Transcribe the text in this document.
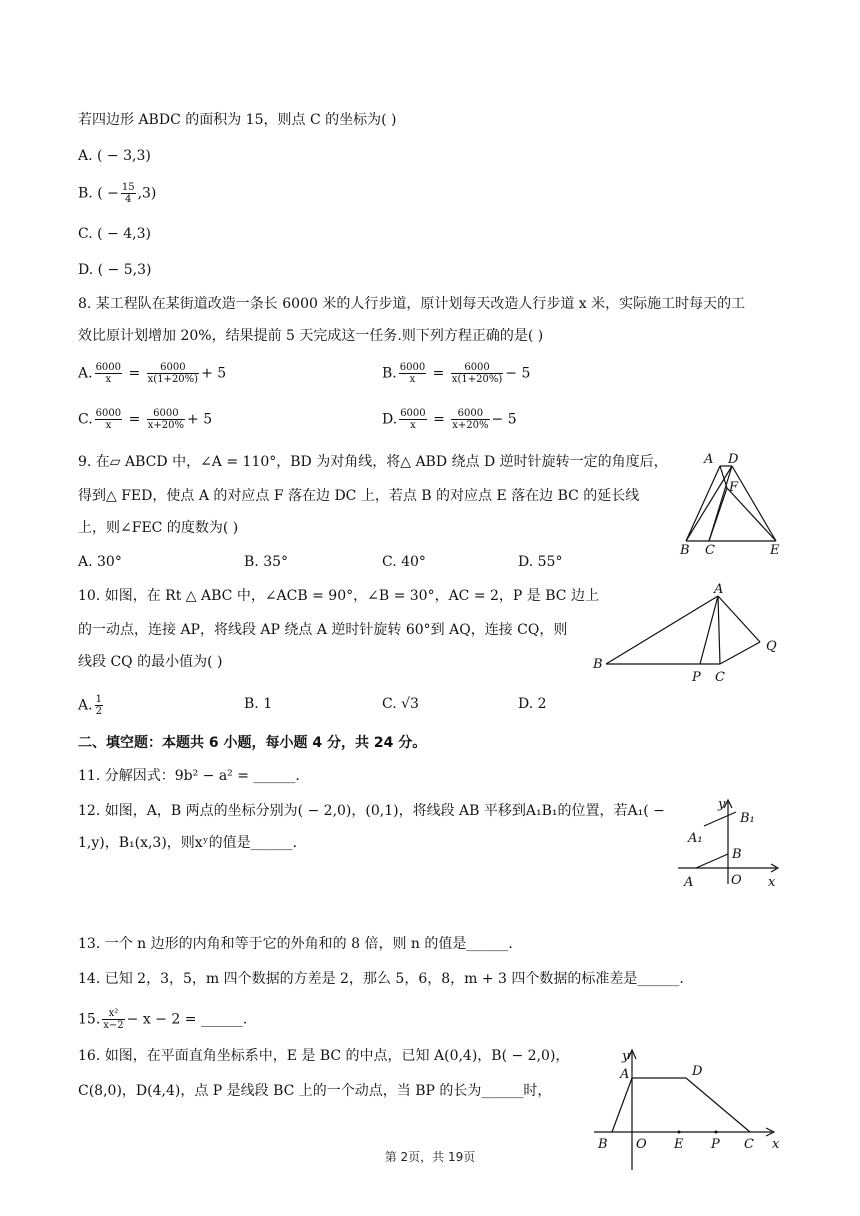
若四边形 ABDC 的面积为 15，则点 C 的坐标为( )
A. ( − 3,3)
B. ( − $\frac{15}{4} ,3$)
C. ( − 4,3)
D. ( − 5,3)
8. 某工程队在某街道改造一条长 6000 米的人行步道，原计划每天改造人行步道 x 米，实际施工时每天的工
效比原计划增加 20%，结果提前 5 天完成这一任务.则下列方程正确的是( )
A. $\frac{6000}{x} = \frac{6000}{x(1+20\%)} + 5$	B. $\frac{6000}{x} = \frac{6000}{x(1+20\%)} - 5$
C. $\frac{6000}{x} = \frac{6000}{x+20\%} + 5$	D. $\frac{6000}{x} = \frac{6000}{x+20\%} - 5$
9. 在▱ ABCD 中，∠A = 110°，BD 为对角线，将△ ABD 绕点 D 逆时针旋转一定的角度后，
得到△ FED，使点 A 的对应点 F 落在边 DC 上，若点 B 的对应点 E 落在边 BC 的延长线
上，则∠FEC 的度数为( )
A. 30°	B. 35°	C. 40°	D. 55°
A D
F
B C	E
10. 如图，在 Rt △ ABC 中，∠ACB = 90°，∠B = 30°，AC = 2，P 是 BC 边上
的一动点，连接 AP，将线段 AP 绕点 A 逆时针旋转 60°到 AQ，连接 CQ，则
线段 CQ 的最小值为( )
A. $\frac{1}{2}$	B. 1	C. √3	D. 2
A
B
P C
Q
二、填空题：本题共 6 小题，每小题 4 分，共 24 分。
11. 分解因式：9b² − a² = ______.
12. 如图，A，B 两点的坐标分别为( − 2,0)，(0,1)，将线段 AB 平移到A₁B₁的位置，若A₁( −
1,y)，B₁(x,3)，则xʸ的值是______.
y
B₁
A₁
B
A	O x
13. 一个 n 边形的内角和等于它的外角和的 8 倍，则 n 的值是______.
14. 已知 2，3，5，m 四个数据的方差是 2，那么 5，6，8，m + 3 四个数据的标准差是______.
15. $\frac{\text{x²}}{x-2} - x - 2$ = ______.
16. 如图，在平面直角坐标系中，E 是 BC 的中点，已知 A(0,4)，B( − 2,0)，
C(8,0)，D(4,4)，点 P 是线段 BC 上的一个动点，当 BP 的长为______时，
y
A	D
B O E P C x
第 2页，共 19页
